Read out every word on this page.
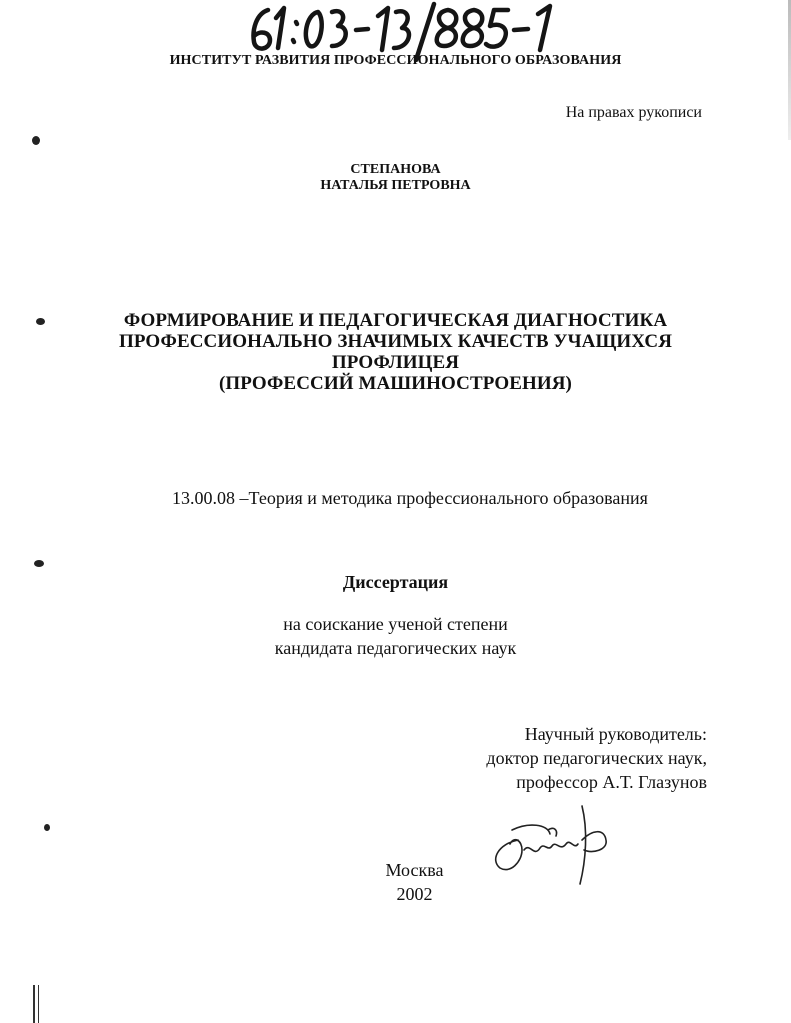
ИНСТИТУТ РАЗВИТИЯ ПРОФЕССИОНАЛЬНОГО ОБРАЗОВАНИЯ
На правах рукописи
СТЕПАНОВА
НАТАЛЬЯ ПЕТРОВНА
ФОРМИРОВАНИЕ И ПЕДАГОГИЧЕСКАЯ ДИАГНОСТИКА
ПРОФЕССИОНАЛЬНО ЗНАЧИМЫХ КАЧЕСТВ УЧАЩИХСЯ
ПРОФЛИЦЕЯ
(ПРОФЕССИЙ МАШИНОСТРОЕНИЯ)
13.00.08 –Теория и методика профессионального образования
Диссертация
на соискание ученой степени
кандидата педагогических наук
Научный руководитель:
доктор педагогических наук,
профессор А.Т. Глазунов
Москва
2002
